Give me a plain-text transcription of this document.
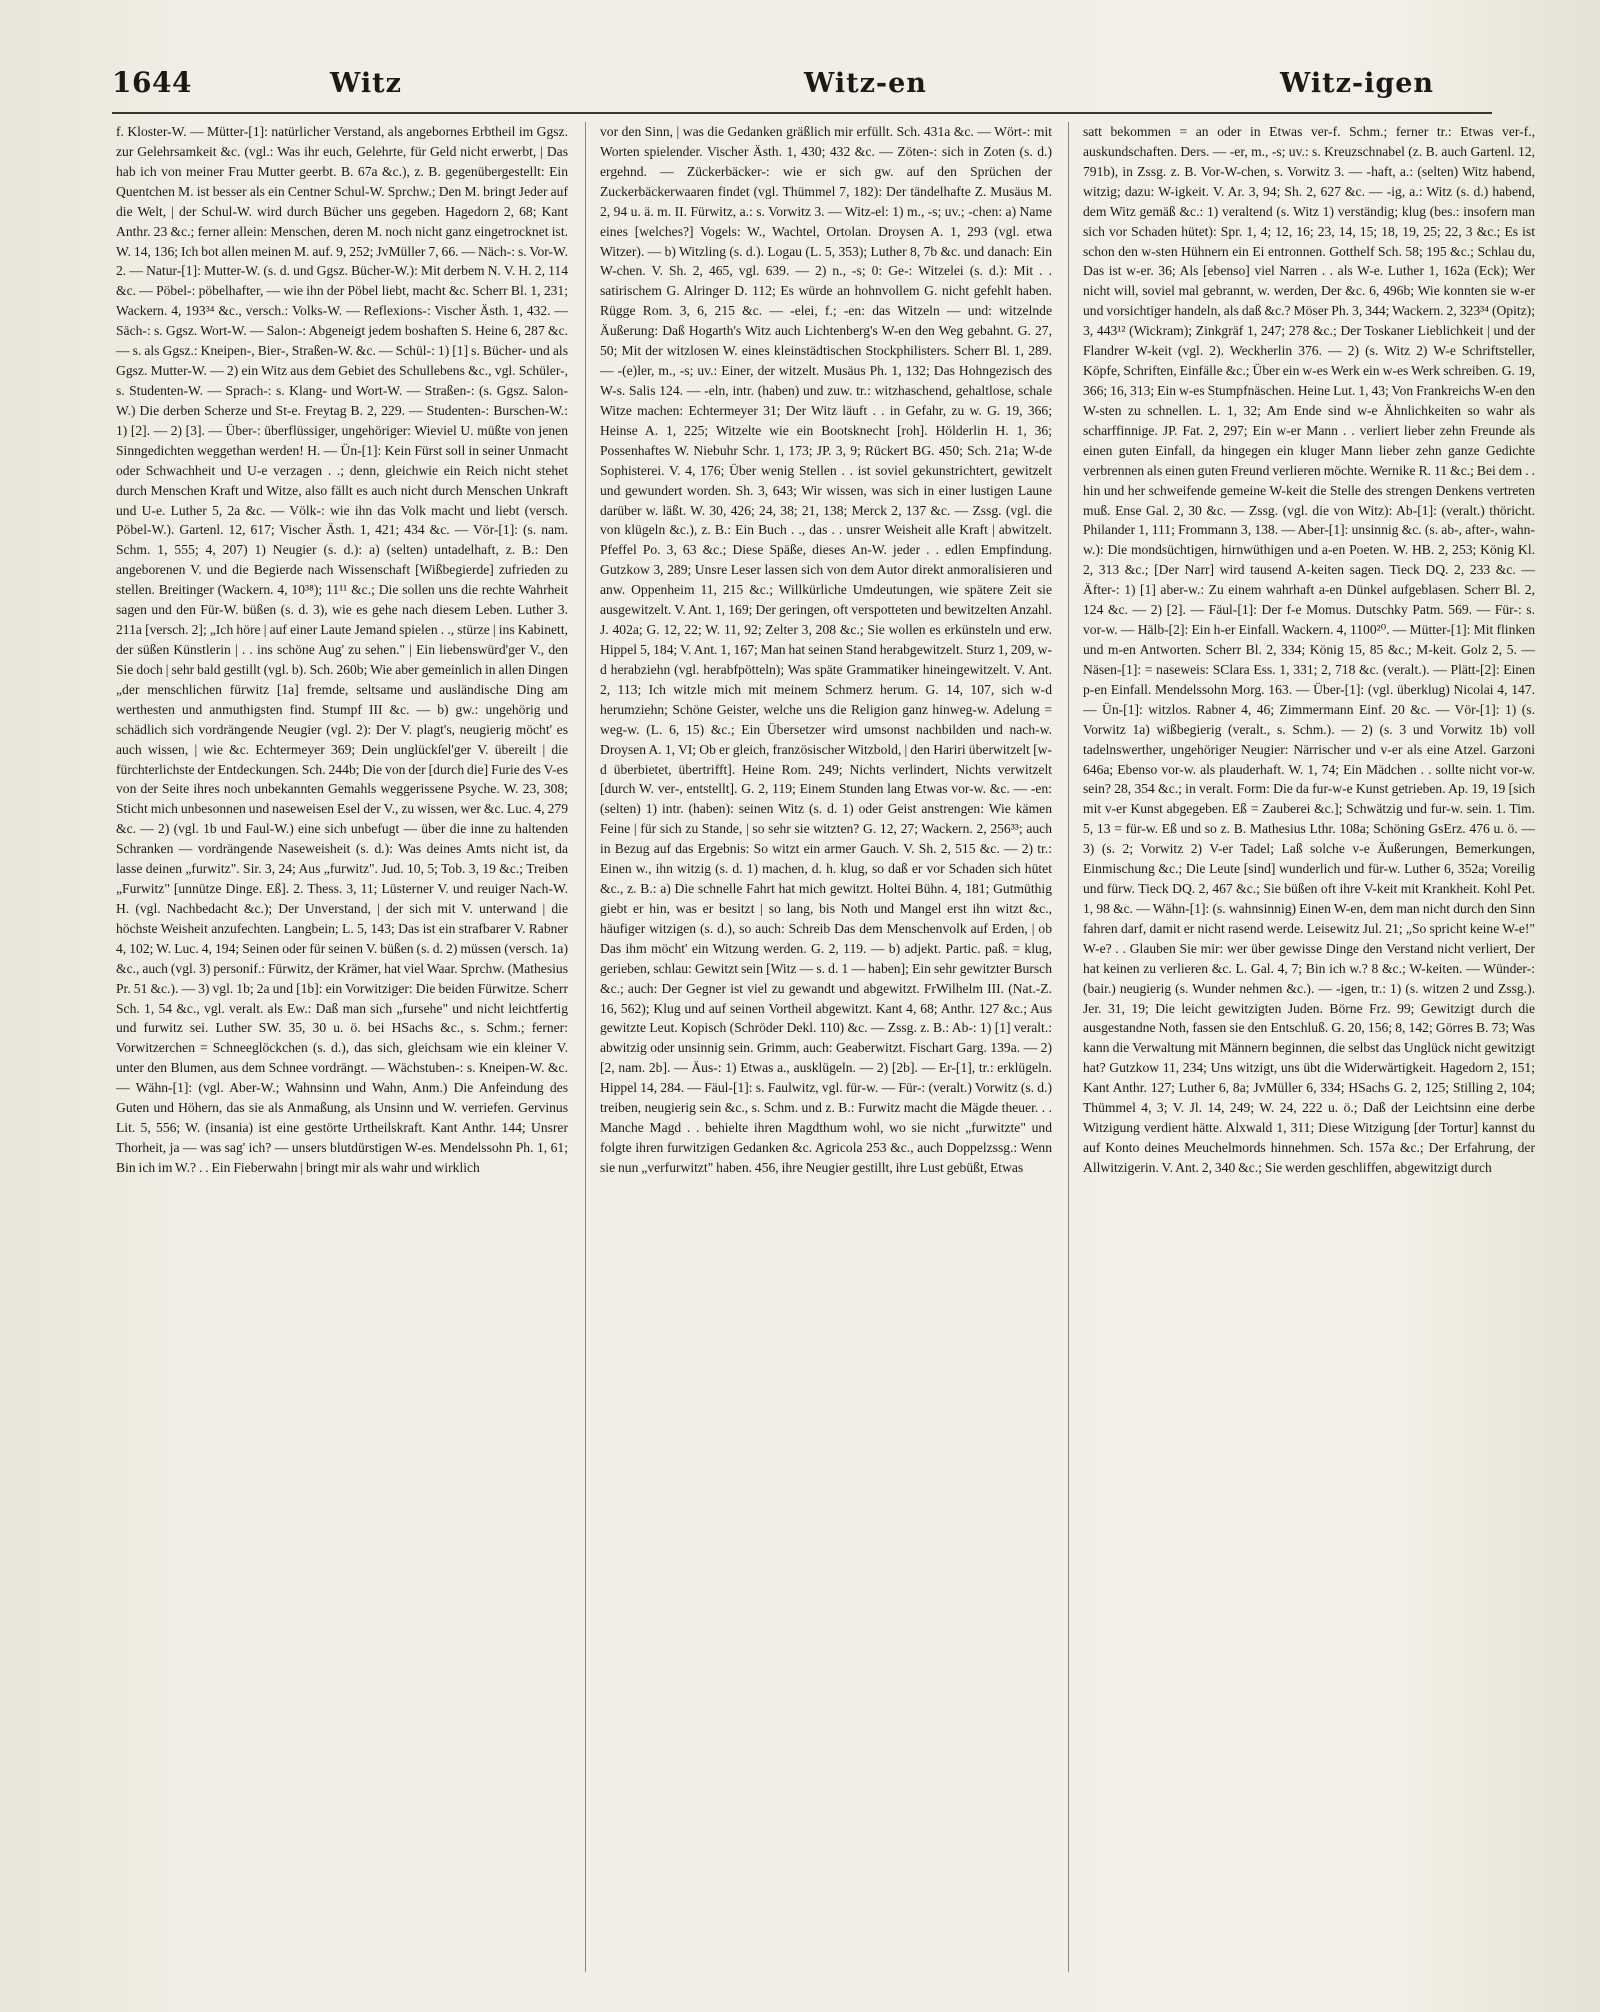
1644	Witz	Witz-en	Witz-igen

f. Kloster-W. — Mütter-[1]: natürlicher Verstand, als angebornes Erbtheil im Ggsz. zur Gelehrsamkeit &c. (vgl.: Was ihr euch, Gelehrte, für Geld nicht erwerbt, | Das hab ich von meiner Frau Mutter geerbt. B. 67a &c.), z. B. gegenübergestellt: Ein Quentchen M. ist besser als ein Centner Schul-W. Sprchw.; Den M. bringt Jeder auf die Welt, | der Schul-W. wird durch Bücher uns gegeben. Hagedorn 2, 68; Kant Anthr. 23 &c.; ferner allein: Menschen, deren M. noch nicht ganz eingetrocknet ist. W. 14, 136; Ich bot allen meinen M. auf. 9, 252; JvMüller 7, 66. — Näch-: s. Vor-W. 2. — Natur-[1]: Mutter-W. (s. d. und Ggsz. Bücher-W.): Mit derbem N. V. H. 2, 114 &c. — Pöbel-: pöbelhafter, — wie ihn der Pöbel liebt, macht &c. Scherr Bl. 1, 231; Wackern. 4, 193³⁴ &c., versch.: Volks-W. — Reflexions-: Vischer Ästh. 1, 432. — Säch-: s. Ggsz. Wort-W. — Salon-: Abgeneigt jedem boshaften S. Heine 6, 287 &c. — s. als Ggsz.: Kneipen-, Bier-, Straßen-W. &c. — Schül-: 1) [1] s. Bücher- und als Ggsz. Mutter-W. — 2) ein Witz aus dem Gebiet des Schullebens &c., vgl. Schüler-, s. Studenten-W. — Sprach-: s. Klang- und Wort-W. — Straßen-: (s. Ggsz. Salon-W.) Die derben Scherze und St-e. Freytag B. 2, 229. — Studenten-: Burschen-W.: 1) [2]. — 2) [3]. — Über-: überflüssiger, ungehöriger: Wieviel U. müßte von jenen Sinngedichten weggethan werden! H. — Ün-[1]: Kein Fürst soll in seiner Unmacht oder Schwachheit und U-e verzagen . .; denn, gleichwie ein Reich nicht stehet durch Menschen Kraft und Witze, also fällt es auch nicht durch Menschen Unkraft und U-e. Luther 5, 2a &c. — Völk-: wie ihn das Volk macht und liebt (versch. Pöbel-W.). Gartenl. 12, 617; Vischer Ästh. 1, 421; 434 &c. — Vör-[1]: (s. nam. Schm. 1, 555; 4, 207) 1) Neugier (s. d.): a) (selten) untadelhaft, z. B.: Den angeborenen V. und die Begierde nach Wissenschaft [Wißbegierde] zufrieden zu stellen. Breitinger (Wackern. 4, 10³⁸); 11¹¹ &c.; Die sollen uns die rechte Wahrheit sagen und den Für-W. büßen (s. d. 3), wie es gehe nach diesem Leben. Luther 3. 211a [versch. 2]; „Ich höre | auf einer Laute Jemand spielen . ., stürze | ins Kabinett, der süßen Künstlerin | . . ins schöne Aug' zu sehen." | Ein liebenswürd'ger V., den Sie doch | sehr bald gestillt (vgl. b). Sch. 260b; Wie aber gemeinlich in allen Dingen „der menschlichen fürwitz [1a] fremde, seltsame und ausländische Ding am werthesten und anmuthigsten find. Stumpf III &c. — b) gw.: ungehörig und schädlich sich vordrängende Neugier (vgl. 2): Der V. plagt's, neugierig möcht' es auch wissen, | wie &c. Echtermeyer 369; Dein unglückſel'ger V. übereilt | die fürchterlichste der Entdeckungen. Sch. 244b; Die von der [durch die] Furie des V-es von der Seite ihres noch unbekannten Gemahls weggerissene Psyche. W. 23, 308; Sticht mich unbesonnen und naseweisen Esel der V., zu wissen, wer &c. Luc. 4, 279 &c. — 2) (vgl. 1b und Faul-W.) eine sich unbefugt — über die inne zu haltenden Schranken — vordrängende Naseweisheit (s. d.): Was deines Amts nicht ist, da lasse deinen „furwitz". Sir. 3, 24; Aus „furwitz". Jud. 10, 5; Tob. 3, 19 &c.; Treiben „Furwitz" [unnütze Dinge. Eß]. 2. Thess. 3, 11; Lüsterner V. und reuiger Nach-W. H. (vgl. Nachbedacht &c.); Der Unverstand, | der sich mit V. unterwand | die höchste Weisheit anzufechten. Langbein; L. 5, 143; Das ist ein strafbarer V. Rabner 4, 102; W. Luc. 4, 194; Seinen oder für seinen V. büßen (s. d. 2) müssen (versch. 1a) &c., auch (vgl. 3) personif.: Fürwitz, der Krämer, hat viel Waar. Sprchw. (Mathesius Pr. 51 &c.). — 3) vgl. 1b; 2a und [1b]: ein Vorwitziger: Die beiden Fürwitze. Scherr Sch. 1, 54 &c., vgl. veralt. als Ew.: Daß man sich „fursehe" und nicht leichtfertig und furwitz sei. Luther SW. 35, 30 u. ö. bei HSachs &c., s. Schm.; ferner: Vorwitzerchen = Schneeglöckchen (s. d.), das sich, gleichsam wie ein kleiner V. unter den Blumen, aus dem Schnee vordrängt. — Wächstuben-: s. Kneipen-W. &c. — Wähn-[1]: (vgl. Aber-W.; Wahnsinn und Wahn, Anm.) Die Anfeindung des Guten und Höhern, das sie als Anmaßung, als Unsinn und W. verriefen. Gervinus Lit. 5, 556; W. (insania) ist eine gestörte Urtheilskraft. Kant Anthr. 144; Unsrer Thorheit, ja — was sag' ich? — unsers blutdürstigen W-es. Mendelssohn Ph. 1, 61; Bin ich im W.? . . Ein Fieberwahn | bringt mir als wahr und wirklich

vor den Sinn, | was die Gedanken gräßlich mir erfüllt. Sch. 431a &c. — Wört-: mit Worten spielender. Vischer Ästh. 1, 430; 432 &c. — Zöten-: sich in Zoten (s. d.) ergehnd. — Zückerbäcker-: wie er sich gw. auf den Sprüchen der Zuckerbäckerwaaren findet (vgl. Thümmel 7, 182): Der tändelhafte Z. Musäus M. 2, 94 u. ä. m. II. Fürwitz, a.: s. Vorwitz 3. — Witz-el: 1) m., -s; uv.; -chen: a) Name eines [welches?] Vogels: W., Wachtel, Ortolan. Droysen A. 1, 293 (vgl. etwa Witzer). — b) Witzling (s. d.). Logau (L. 5, 353); Luther 8, 7b &c. und danach: Ein W-chen. V. Sh. 2, 465, vgl. 639. — 2) n., -s; 0: Ge-: Witzelei (s. d.): Mit . . satirischem G. Alringer D. 112; Es würde an hohnvollem G. nicht gefehlt haben. Rügge Rom. 3, 6, 215 &c. — -elei, f.; -en: das Witzeln — und: witzelnde Äußerung: Daß Hogarth's Witz auch Lichtenberg's W-en den Weg gebahnt. G. 27, 50; Mit der witzlosen W. eines kleinstädtischen Stockphilisters. Scherr Bl. 1, 289. — -(e)ler, m., -s; uv.: Einer, der witzelt. Musäus Ph. 1, 132; Das Hohngezisch des W-s. Salis 124. — -eln, intr. (haben) und zuw. tr.: witzhaschend, gehaltlose, schale Witze machen: Echtermeyer 31; Der Witz läuft . . in Gefahr, zu w. G. 19, 366; Heinse A. 1, 225; Witzelte wie ein Bootsknecht [roh]. Hölderlin H. 1, 36; Possenhaftes W. Niebuhr Schr. 1, 173; JP. 3, 9; Rückert BG. 450; Sch. 21a; W-de Sophisterei. V. 4, 176; Über wenig Stellen . . ist soviel gekunstrichtert, gewitzelt und gewundert worden. Sh. 3, 643; Wir wissen, was sich in einer lustigen Laune darüber w. läßt. W. 30, 426; 24, 38; 21, 138; Merck 2, 137 &c. — Zssg. (vgl. die von klügeln &c.), z. B.: Ein Buch . ., das . . unsrer Weisheit alle Kraft | abwitzelt. Pfeffel Po. 3, 63 &c.; Diese Späße, dieses An-W. jeder . . edlen Empfindung. Gutzkow 3, 289; Unsre Leser lassen sich von dem Autor direkt anmoralisieren und anw. Oppenheim 11, 215 &c.; Willkürliche Umdeutungen, wie spätere Zeit sie ausgewitzelt. V. Ant. 1, 169; Der geringen, oft verspotteten und bewitzelten Anzahl. J. 402a; G. 12, 22; W. 11, 92; Zelter 3, 208 &c.; Sie wollen es erkünsteln und erw. Hippel 5, 184; V. Ant. 1, 167; Man hat seinen Stand herabgewitzelt. Sturz 1, 209, w-d herabziehn (vgl. herabfpötteln); Was späte Grammatiker hineingewitzelt. V. Ant. 2, 113; Ich witzle mich mit meinem Schmerz herum. G. 14, 107, sich w-d herumziehn; Schöne Geister, welche uns die Religion ganz hinweg-w. Adelung = weg-w. (L. 6, 15) &c.; Ein Übersetzer wird umsonst nachbilden und nach-w. Droysen A. 1, VI; Ob er gleich, französischer Witzbold, | den Hariri überwitzelt [w-d überbietet, übertrifft]. Heine Rom. 249; Nichts verlindert, Nichts verwitzelt [durch W. ver-, entstellt]. G. 2, 119; Einem Stunden lang Etwas vor-w. &c. — -en: (selten) 1) intr. (haben): seinen Witz (s. d. 1) oder Geist anstrengen: Wie kämen Feine | für sich zu Stande, | so sehr sie witzten? G. 12, 27; Wackern. 2, 256³³; auch in Bezug auf das Ergebnis: So witzt ein armer Gauch. V. Sh. 2, 515 &c. — 2) tr.: Einen w., ihn witzig (s. d. 1) machen, d. h. klug, so daß er vor Schaden sich hütet &c., z. B.: a) Die schnelle Fahrt hat mich gewitzt. Holtei Bühn. 4, 181; Gutmüthig giebt er hin, was er besitzt | so lang, bis Noth und Mangel erst ihn witzt &c., häufiger witzigen (s. d.), so auch: Schreib Das dem Menschenvolk auf Erden, | ob Das ihm möcht' ein Witzung werden. G. 2, 119. — b) adjekt. Partic. paß. = klug, gerieben, schlau: Gewitzt sein [Witz — s. d. 1 — haben]; Ein sehr gewitzter Bursch &c.; auch: Der Gegner ist viel zu gewandt und abgewitzt. FrWilhelm III. (Nat.-Z. 16, 562); Klug und auf seinen Vortheil abgewitzt. Kant 4, 68; Anthr. 127 &c.; Aus gewitzte Leut. Kopisch (Schröder Dekl. 110) &c. — Zssg. z. B.: Ab-: 1) [1] veralt.: abwitzig oder unsinnig sein. Grimm, auch: Geaberwitzt. Fischart Garg. 139a. — 2) [2, nam. 2b]. — Äus-: 1) Etwas a., ausklügeln. — 2) [2b]. — Er-[1], tr.: erklügeln. Hippel 14, 284. — Fäul-[1]: s. Faulwitz, vgl. für-w. — Für-: (veralt.) Vorwitz (s. d.) treiben, neugierig sein &c., s. Schm. und z. B.: Furwitz macht die Mägde theuer. . . Manche Magd . . behielte ihren Magdthum wohl, wo sie nicht „furwitzte" und folgte ihren furwitzigen Gedanken &c. Agricola 253 &c., auch Doppelzssg.: Wenn sie nun „verfurwitzt" haben. 456, ihre Neugier gestillt, ihre Lust gebüßt, Etwas

satt bekommen = an oder in Etwas ver-f. Schm.; ferner tr.: Etwas ver-f., auskundschaften. Ders. — -er, m., -s; uv.: s. Kreuzschnabel (z. B. auch Gartenl. 12, 791b), in Zssg. z. B. Vor-W-chen, s. Vorwitz 3. — -haft, a.: (selten) Witz habend, witzig; dazu: W-igkeit. V. Ar. 3, 94; Sh. 2, 627 &c. — -ig, a.: Witz (s. d.) habend, dem Witz gemäß &c.: 1) veraltend (s. Witz 1) verständig; klug (bes.: insofern man sich vor Schaden hütet): Spr. 1, 4; 12, 16; 23, 14, 15; 18, 19, 25; 22, 3 &c.; Es ist schon den w-sten Hühnern ein Ei entronnen. Gotthelf Sch. 58; 195 &c.; Schlau du, Das ist w-er. 36; Als [ebenso] viel Narren . . als W-e. Luther 1, 162a (Eck); Wer nicht will, soviel mal gebrannt, w. werden, Der &c. 6, 496b; Wie konnten sie w-er und vorsichtiger handeln, als daß &c.? Möser Ph. 3, 344; Wackern. 2, 323³⁴ (Opitz); 3, 443¹² (Wickram); Zinkgräf 1, 247; 278 &c.; Der Toskaner Lieblichkeit | und der Flandrer W-keit (vgl. 2). Weckherlin 376. — 2) (s. Witz 2) W-e Schriftsteller, Köpfe, Schriften, Einfälle &c.; Über ein w-es Werk ein w-es Werk schreiben. G. 19, 366; 16, 313; Ein w-es Stumpfnäschen. Heine Lut. 1, 43; Von Frankreichs W-en den W-sten zu schnellen. L. 1, 32; Am Ende sind w-e Ähnlichkeiten so wahr als scharffinnige. JP. Fat. 2, 297; Ein w-er Mann . . verliert lieber zehn Freunde als einen guten Einfall, da hingegen ein kluger Mann lieber zehn ganze Gedichte verbrennen als einen guten Freund verlieren möchte. Wernike R. 11 &c.; Bei dem . . hin und her schweifende gemeine W-keit die Stelle des strengen Denkens vertreten muß. Ense Gal. 2, 30 &c. — Zssg. (vgl. die von Witz): Ab-[1]: (veralt.) thöricht. Philander 1, 111; Frommann 3, 138. — Aber-[1]: unsinnig &c. (s. ab-, after-, wahn-w.): Die mondsüchtigen, hirnwüthigen und a-en Poeten. W. HB. 2, 253; König Kl. 2, 313 &c.; [Der Narr] wird tausend A-keiten sagen. Tieck DQ. 2, 233 &c. — Äfter-: 1) [1] aber-w.: Zu einem wahrhaft a-en Dünkel aufgeblasen. Scherr Bl. 2, 124 &c. — 2) [2]. — Fäul-[1]: Der f-e Momus. Dutschky Patm. 569. — Für-: s. vor-w. — Hälb-[2]: Ein h-er Einfall. Wackern. 4, 1100²⁰. — Mütter-[1]: Mit flinken und m-en Antworten. Scherr Bl. 2, 334; König 15, 85 &c.; M-keit. Golz 2, 5. — Näsen-[1]: = naseweis: SClara Ess. 1, 331; 2, 718 &c. (veralt.). — Plätt-[2]: Einen p-en Einfall. Mendelssohn Morg. 163. — Über-[1]: (vgl. überklug) Nicolai 4, 147. — Ün-[1]: witzlos. Rabner 4, 46; Zimmermann Einf. 20 &c. — Vör-[1]: 1) (s. Vorwitz 1a) wißbegierig (veralt., s. Schm.). — 2) (s. 3 und Vorwitz 1b) voll tadelnswerther, ungehöriger Neugier: Närrischer und v-er als eine Atzel. Garzoni 646a; Ebenso vor-w. als plauderhaft. W. 1, 74; Ein Mädchen . . sollte nicht vor-w. sein? 28, 354 &c.; in veralt. Form: Die da fur-w-e Kunst getrieben. Ap. 19, 19 [sich mit v-er Kunst abgegeben. Eß = Zauberei &c.]; Schwätzig und fur-w. sein. 1. Tim. 5, 13 = für-w. Eß und so z. B. Mathesius Lthr. 108a; Schöning GsErz. 476 u. ö. — 3) (s. 2; Vorwitz 2) V-er Tadel; Laß solche v-e Äußerungen, Bemerkungen, Einmischung &c.; Die Leute [sind] wunderlich und für-w. Luther 6, 352a; Voreilig und fürw. Tieck DQ. 2, 467 &c.; Sie büßen oft ihre V-keit mit Krankheit. Kohl Pet. 1, 98 &c. — Wähn-[1]: (s. wahnsinnig) Einen W-en, dem man nicht durch den Sinn fahren darf, damit er nicht rasend werde. Leisewitz Jul. 21; „So spricht keine W-e!" W-e? . . Glauben Sie mir: wer über gewisse Dinge den Verstand nicht verliert, Der hat keinen zu verlieren &c. L. Gal. 4, 7; Bin ich w.? 8 &c.; W-keiten. — Wünder-: (bair.) neugierig (s. Wunder nehmen &c.). — -igen, tr.: 1) (s. witzen 2 und Zssg.). Jer. 31, 19; Die leicht gewitzigten Juden. Börne Frz. 99; Gewitzigt durch die ausgestandne Noth, fassen sie den Entschluß. G. 20, 156; 8, 142; Görres B. 73; Was kann die Verwaltung mit Männern beginnen, die selbst das Unglück nicht gewitzigt hat? Gutzkow 11, 234; Uns witzigt, uns übt die Widerwärtigkeit. Hagedorn 2, 151; Kant Anthr. 127; Luther 6, 8a; JvMüller 6, 334; HSachs G. 2, 125; Stilling 2, 104; Thümmel 4, 3; V. Jl. 14, 249; W. 24, 222 u. ö.; Daß der Leichtsinn eine derbe Witzigung verdient hätte. Alxwald 1, 311; Diese Witzigung [der Tortur] kannst du auf Konto deines Meuchelmords hinnehmen. Sch. 157a &c.; Der Erfahrung, der Allwitzigerin. V. Ant. 2, 340 &c.; Sie werden geschliffen, abgewitzigt durch
